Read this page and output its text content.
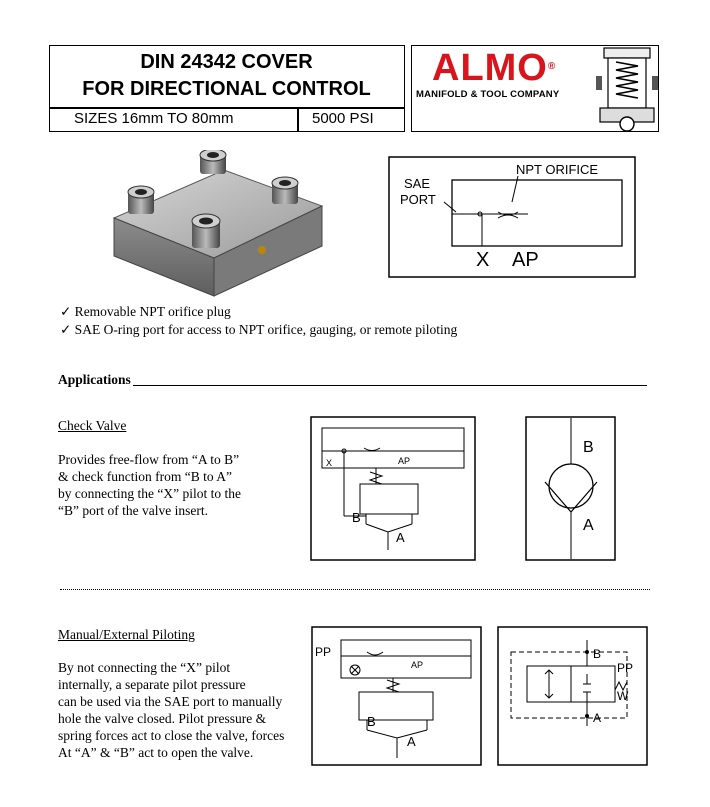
DIN 24342 COVER
FOR DIRECTIONAL CONTROL
SIZES 16mm TO 80mm	5000 PSI
ALMO®
MANIFOLD & TOOL COMPANY
NPT ORIFICE
SAE
PORT
X AP
✓ Removable NPT orifice plug
✓ SAE O-ring port for access to NPT orifice, gauging, or remote piloting
Applications
Check Valve
Provides free-flow from “A to B”
& check function from “B to A”
by connecting the “X” pilot to the
“B” port of the valve insert.
X	AP
B
A
B
A
Manual/External Piloting
By not connecting the “X” pilot
internally, a separate pilot pressure
can be used via the SAE port to manually
hole the valve closed. Pilot pressure &
spring forces act to close the valve, forces
At “A” & “B” act to open the valve.
PP
AP
B
A
B
PP
W
A
